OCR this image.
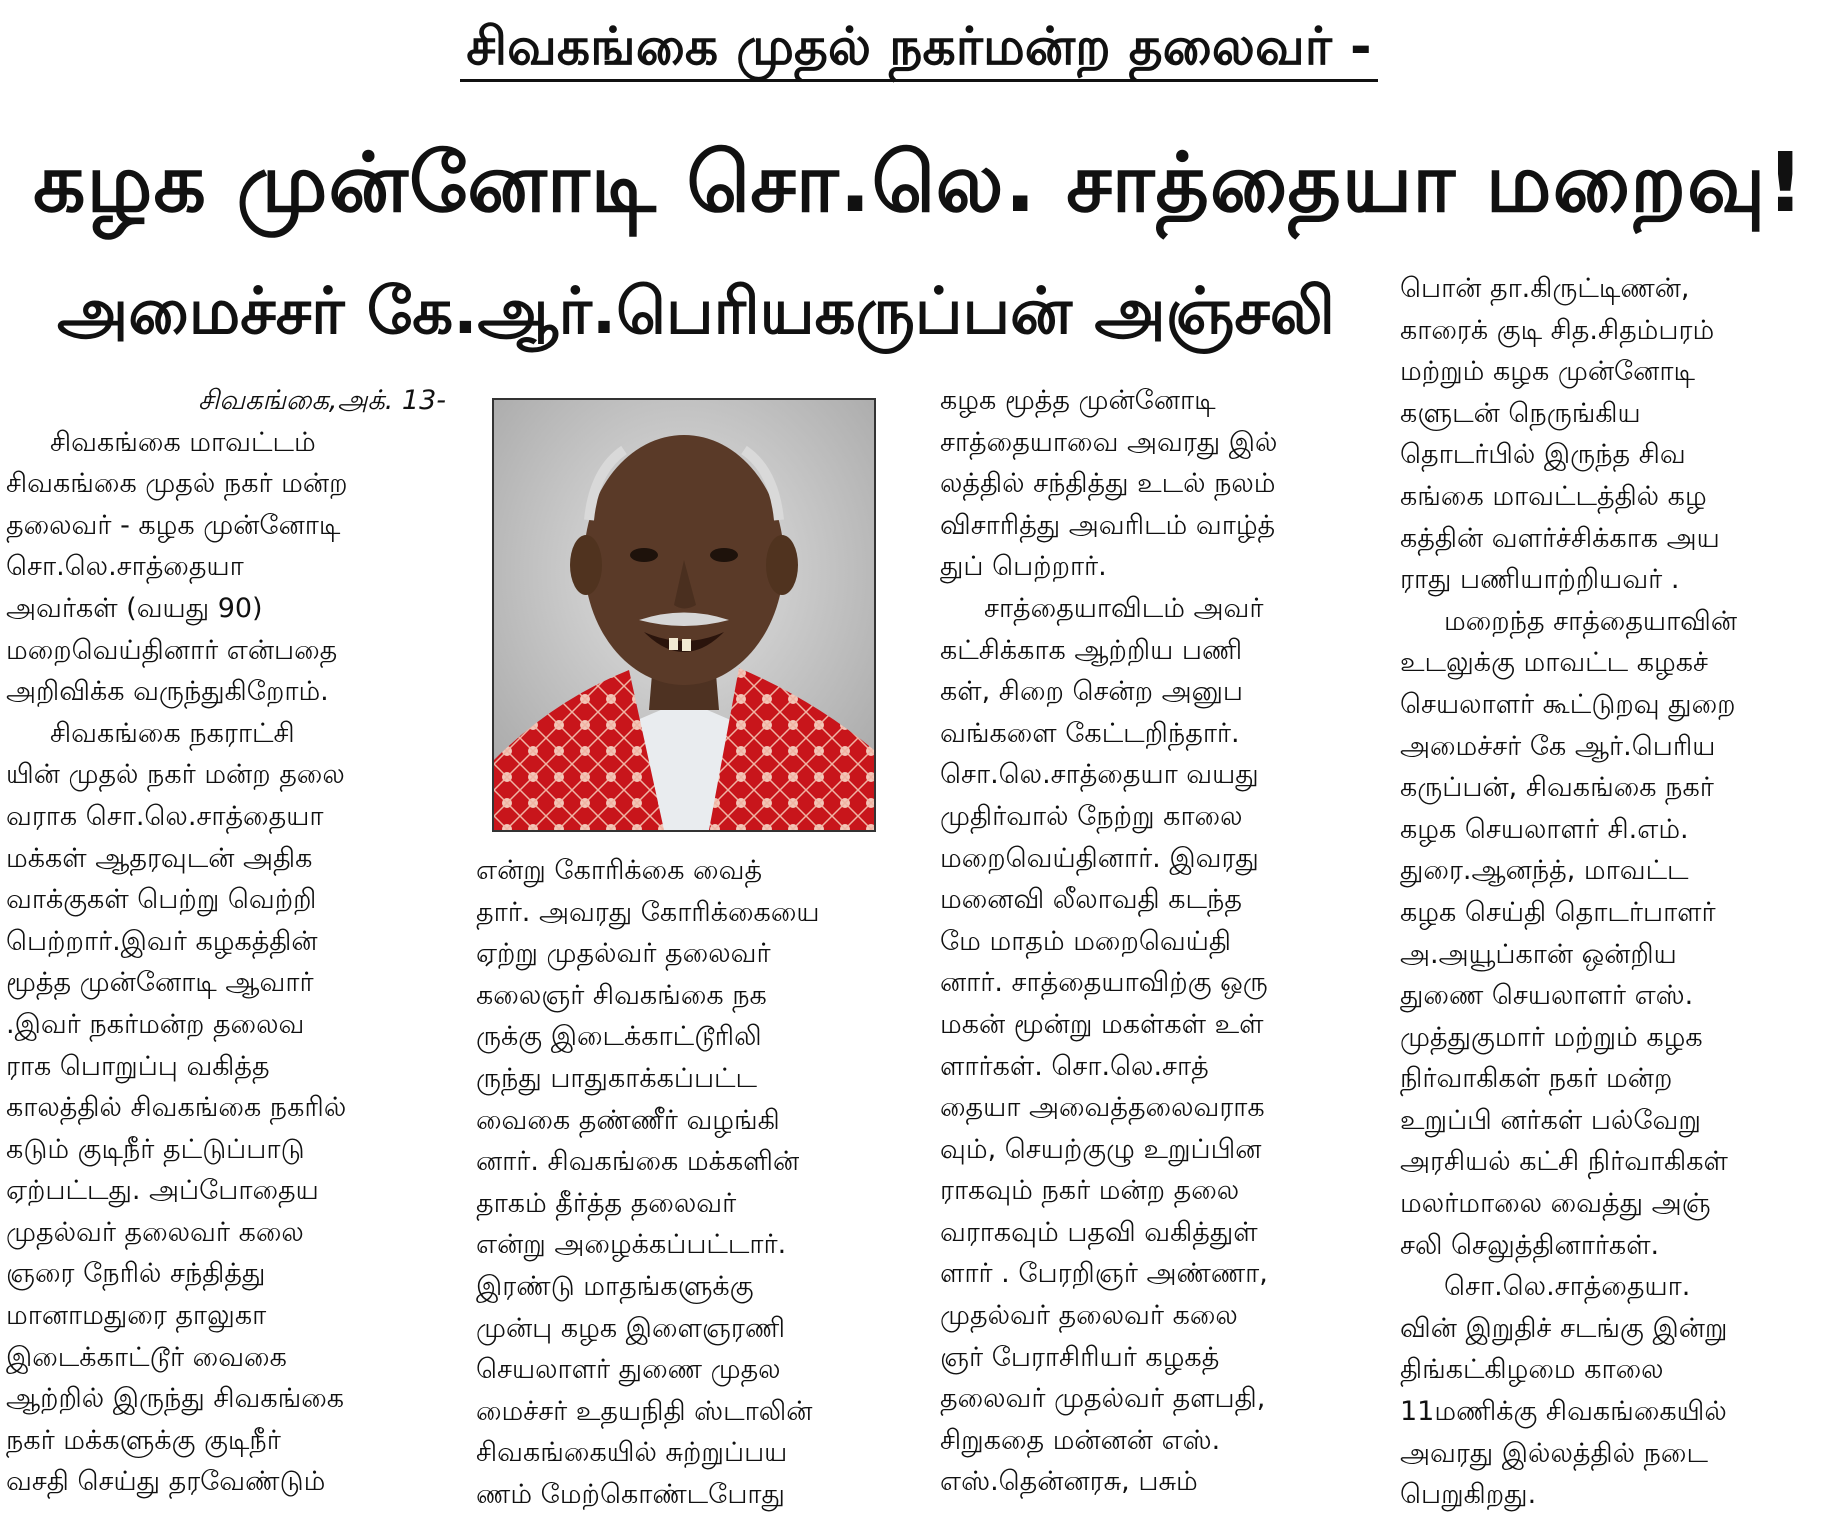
சிவகங்கை முதல் நகர்மன்ற தலைவர் -
கழக முன்னோடி சொ.லெ. சாத்தையா மறைவு!
அமைச்சர் கே.ஆர்.பெரியகருப்பன் அஞ்சலி
சிவகங்கை,அக். 13-
சிவகங்கை மாவட்டம்
சிவகங்கை முதல் நகர் மன்ற
தலைவர் - கழக முன்னோடி
சொ.லெ.சாத்தையா
அவர்கள் (வயது 90)
மறைவெய்தினார் என்பதை
அறிவிக்க வருந்துகிறோம்.
சிவகங்கை நகராட்சி
யின் முதல் நகர் மன்ற தலை
வராக சொ.லெ.சாத்தையா
மக்கள் ஆதரவுடன் அதிக
வாக்குகள் பெற்று வெற்றி
பெற்றார்.இவர் கழகத்தின்
மூத்த முன்னோடி ஆவார்
.இவர் நகர்மன்ற தலைவ
ராக பொறுப்பு வகித்த
காலத்தில் சிவகங்கை நகரில்
கடும் குடிநீர் தட்டுப்பாடு
ஏற்பட்டது. அப்போதைய
முதல்வர் தலைவர் கலை
ஞரை நேரில் சந்தித்து
மானாமதுரை தாலுகா
இடைக்காட்டூர் வைகை
ஆற்றில் இருந்து சிவகங்கை
நகர் மக்களுக்கு குடிநீர்
வசதி செய்து தரவேண்டும்
என்று கோரிக்கை வைத்
தார். அவரது கோரிக்கையை
ஏற்று முதல்வர் தலைவர்
கலைஞர் சிவகங்கை நக
ருக்கு இடைக்காட்டூரிலி
ருந்து பாதுகாக்கப்பட்ட
வைகை தண்ணீர் வழங்கி
னார். சிவகங்கை மக்களின்
தாகம் தீர்த்த தலைவர்
என்று அழைக்கப்பட்டார்.
இரண்டு மாதங்களுக்கு
முன்பு கழக இளைஞரணி
செயலாளர் துணை முதல
மைச்சர் உதயநிதி ஸ்டாலின்
சிவகங்கையில் சுற்றுப்பய
ணம் மேற்கொண்டபோது
கழக மூத்த முன்னோடி
சாத்தையாவை அவரது இல்
லத்தில் சந்தித்து உடல் நலம்
விசாரித்து அவரிடம் வாழ்த்
துப் பெற்றார்.
சாத்தையாவிடம் அவர்
கட்சிக்காக ஆற்றிய பணி
கள், சிறை சென்ற அனுப
வங்களை கேட்டறிந்தார்.
சொ.லெ.சாத்தையா வயது
முதிர்வால் நேற்று காலை
மறைவெய்தினார். இவரது
மனைவி லீலாவதி கடந்த
மே மாதம் மறைவெய்தி
னார். சாத்தையாவிற்கு ஒரு
மகன் மூன்று மகள்கள் உள்
ளார்கள். சொ.லெ.சாத்
தையா அவைத்தலைவராக
வும், செயற்குழு உறுப்பின
ராகவும் நகர் மன்ற தலை
வராகவும் பதவி வகித்துள்
ளார் . பேரறிஞர் அண்ணா,
முதல்வர் தலைவர் கலை
ஞர் பேராசிரியர் கழகத்
தலைவர் முதல்வர் தளபதி,
சிறுகதை மன்னன் எஸ்.
எஸ்.தென்னரசு, பசும்
பொன் தா.கிருட்டிணன்,
காரைக் குடி சித.சிதம்பரம்
மற்றும் கழக முன்னோடி
களுடன் நெருங்கிய
தொடர்பில் இருந்த சிவ
கங்கை மாவட்டத்தில் கழ
கத்தின் வளர்ச்சிக்காக அய
ராது பணியாற்றியவர் .
மறைந்த சாத்தையாவின்
உடலுக்கு மாவட்ட கழகச்
செயலாளர் கூட்டுறவு துறை
அமைச்சர் கே ஆர்.பெரிய
கருப்பன், சிவகங்கை நகர்
கழக செயலாளர் சி.எம்.
துரை.ஆனந்த், மாவட்ட
கழக செய்தி தொடர்பாளர்
அ.அயூப்கான் ஒன்றிய
துணை செயலாளர் எஸ்.
முத்துகுமார் மற்றும் கழக
நிர்வாகிகள் நகர் மன்ற
உறுப்பி னர்கள் பல்வேறு
அரசியல் கட்சி நிர்வாகிகள்
மலர்மாலை வைத்து அஞ்
சலி செலுத்தினார்கள்.
சொ.லெ.சாத்தையா.
வின் இறுதிச் சடங்கு இன்று
திங்கட்கிழமை காலை
11மணிக்கு சிவகங்கையில்
அவரது இல்லத்தில் நடை
பெறுகிறது.
